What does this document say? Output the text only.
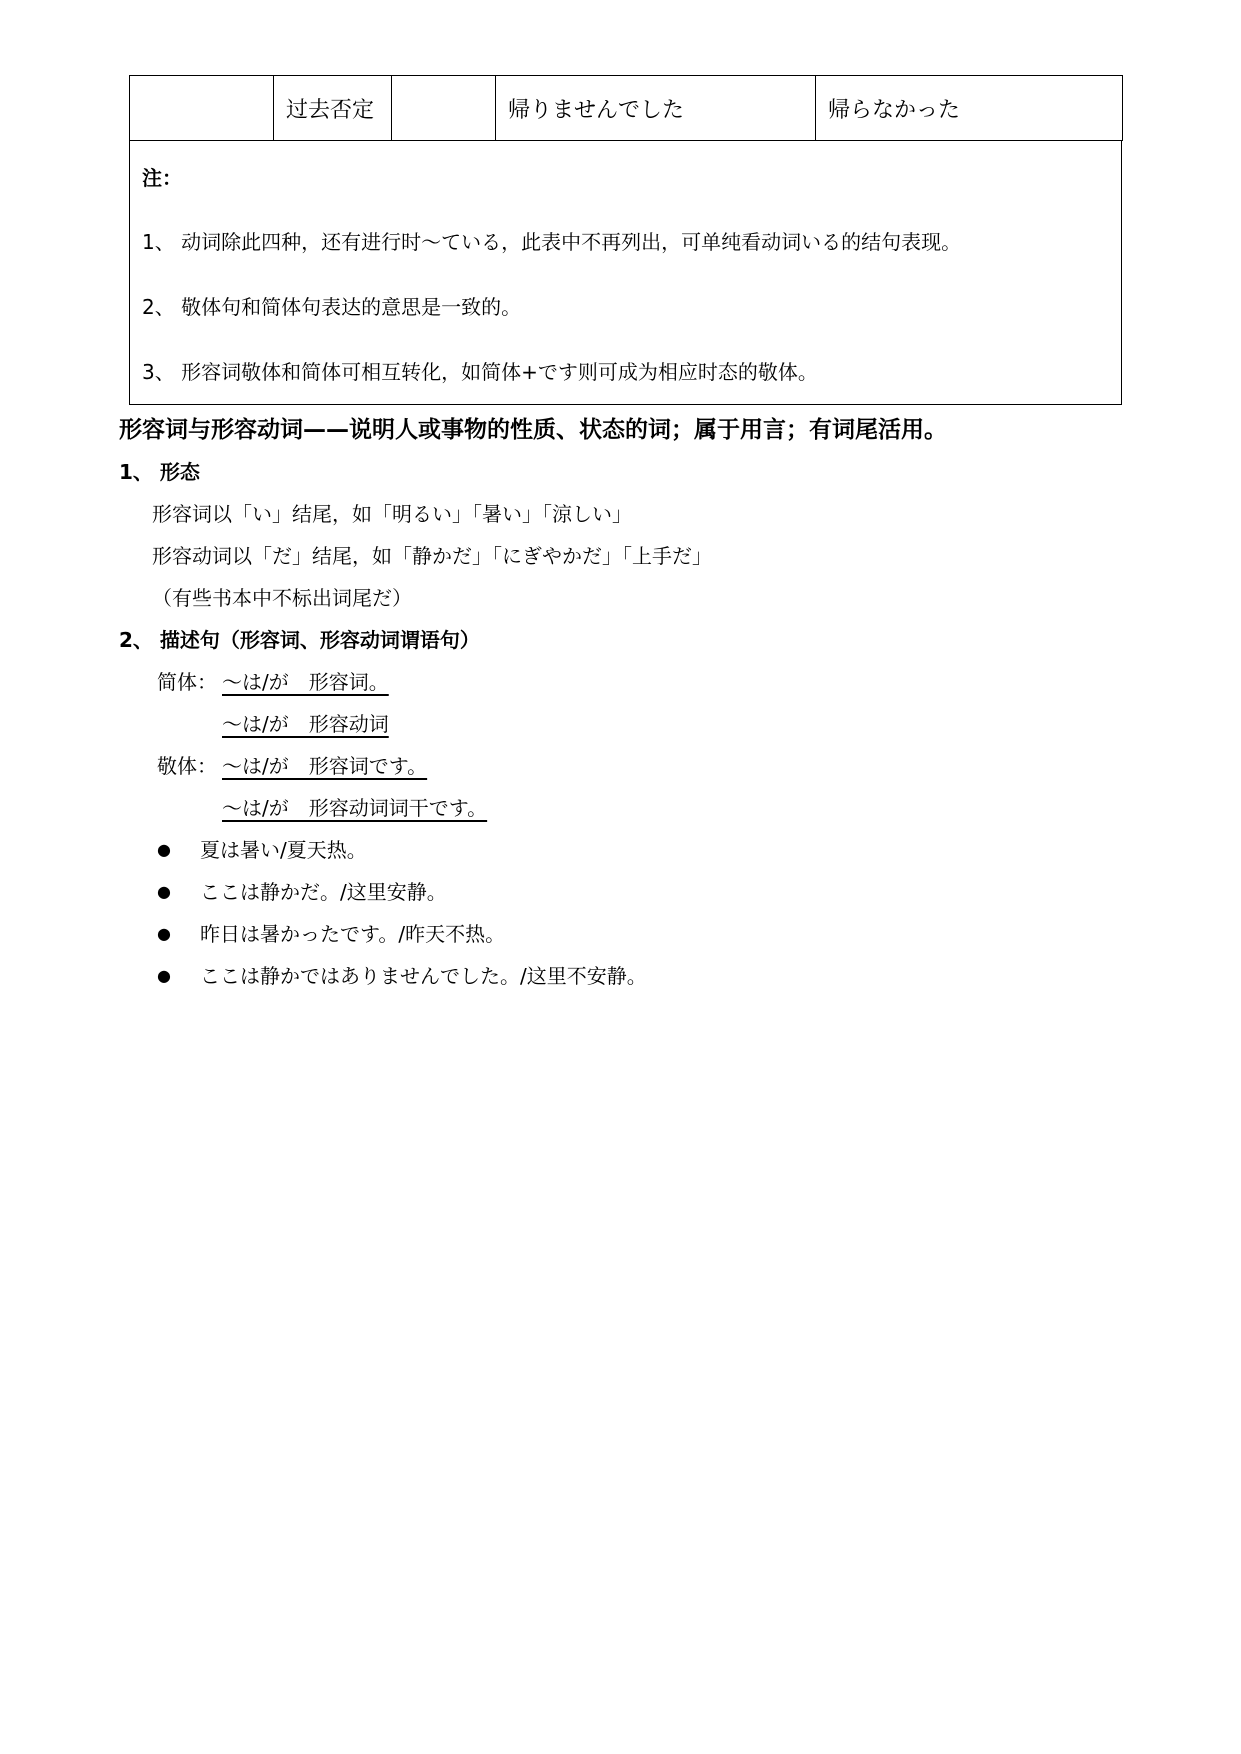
	过去否定		帰りませんでした	帰らなかった
注：
1、 动词除此四种，还有进行时〜ている，此表中不再列出，可单纯看动词いる的结句表现。
2、 敬体句和简体句表达的意思是一致的。
3、 形容词敬体和简体可相互转化，如简体+です则可成为相应时态的敬体。
形容词与形容动词——说明人或事物的性质、状态的词；属于用言；有词尾活用。
1、 形态
形容词以「い」结尾，如「明るい」「暑い」「涼しい」
形容动词以「だ」结尾，如「静かだ」「にぎやかだ」「上手だ」
（有些书本中不标出词尾だ）
2、 描述句（形容词、形容动词谓语句）
简体： 〜は/が　形容词。
〜は/が　形容动词
敬体： 〜は/が　形容词です。
〜は/が　形容动词词干です。
● 夏は暑い/夏天热。
● ここは静かだ。/这里安静。
● 昨日は暑かったです。/昨天不热。
● ここは静かではありませんでした。/这里不安静。
